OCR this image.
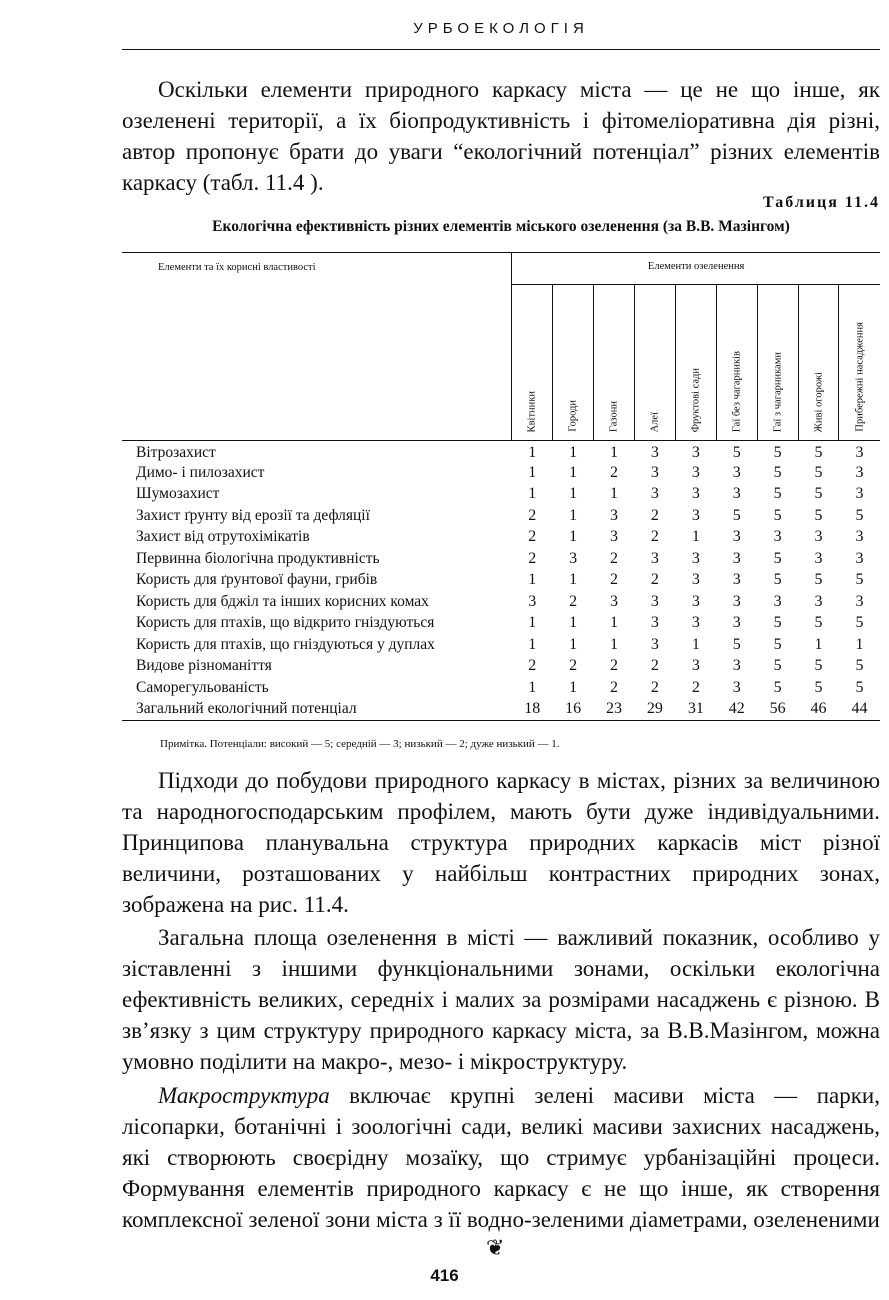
УРБОЕКОЛОГІЯ

Оскільки елементи природного каркасу міста — це не що інше, як озеленені території, а їх біопродуктивність і фітомеліоративна дія різні, автор пропонує брати до уваги “екологічний потенціал” різних елементів каркасу (табл. 11.4 ).

Таблиця 11.4
Екологічна ефективність різних елементів міського озеленення (за В.В. Мазінгом)
Елементи та їх корисні властивості	Елементи озеленення								

	Квітники	Городи	Газони	Алеї	Фруктові сади	Гаї без чагарників	Гаї з чагарниками	Живі огорожі	Прибережні насадження

Вітрозахист	1	1	1	3	3	5	5	5	3
Димо- і пилозахист	1	1	2	3	3	3	5	5	3
Шумозахист	1	1	1	3	3	3	5	5	3
Захист ґрунту від ерозії та дефляції	2	1	3	2	3	5	5	5	5
Захист від отрутохімікатів	2	1	3	2	1	3	3	3	3
Первинна біологічна продуктивність	2	3	2	3	3	3	5	3	3
Користь для ґрунтової фауни, грибів	1	1	2	2	3	3	5	5	5
Користь для бджіл та інших корисних комах	3	2	3	3	3	3	3	3	3
Користь для птахів, що відкрито гніздуються	1	1	1	3	3	3	5	5	5
Користь для птахів, що гніздуються у дуплах	1	1	1	3	1	5	5	1	1
Видове різноманіття	2	2	2	2	3	3	5	5	5
Саморегульованість	1	1	2	2	2	3	5	5	5
Загальний екологічний потенціал	18	16	23	29	31	42	56	46	44
Примітка. Потенціали: високий — 5; середній — 3; низький — 2; дуже низький — 1.

Підходи до побудови природного каркасу в містах, різних за величиною та народногосподарським профілем, мають бути дуже індивідуальними. Принципова планувальна структура природних каркасів міст різної величини, розташованих у найбільш контрастних природних зонах, зображена на рис. 11.4.

Загальна площа озеленення в місті — важливий показник, особливо у зіставленні з іншими функціональними зонами, оскільки екологічна ефективність великих, середніх і малих за розмірами насаджень є різною. В зв’язку з цим структуру природного каркасу міста, за В.В.Мазінгом, можна умовно поділити на макро-, мезо- і мікроструктуру.

Макроструктура включає крупні зелені масиви міста — парки, лісопарки, ботанічні і зоологічні сади, великі масиви захисних насаджень, які створюють своєрідну мозаїку, що стримує урбанізаційні процеси. Формування елементів природного каркасу є не що інше, як створення комплексної зеленої зони міста з її водно-зеленими діаметрами, озелененими

❦
416
